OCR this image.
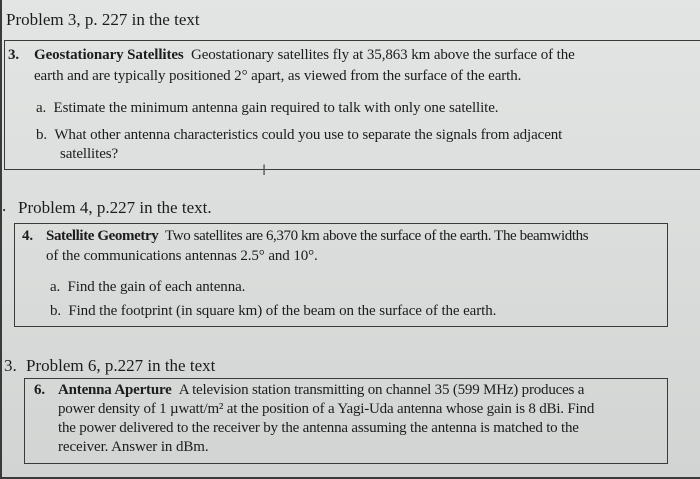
Problem 3, p. 227 in the text
3. Geostationary Satellites Geostationary satellites fly at 35,863 km above the surface of the
earth and are typically positioned 2° apart, as viewed from the surface of the earth.
a. Estimate the minimum antenna gain required to talk with only one satellite.
b. What other antenna characteristics could you use to separate the signals from adjacent
satellites?
I
. Problem 4, p.227 in the text.
4. Satellite Geometry Two satellites are 6,370 km above the surface of the earth. The beamwidths
of the communications antennas 2.5° and 10°.
a. Find the gain of each antenna.
b. Find the footprint (in square km) of the beam on the surface of the earth.
3. Problem 6, p.227 in the text
6. Antenna Aperture A television station transmitting on channel 35 (599 MHz) produces a
power density of 1 µwatt/m² at the position of a Yagi-Uda antenna whose gain is 8 dBi. Find
the power delivered to the receiver by the antenna assuming the antenna is matched to the
receiver. Answer in dBm.
